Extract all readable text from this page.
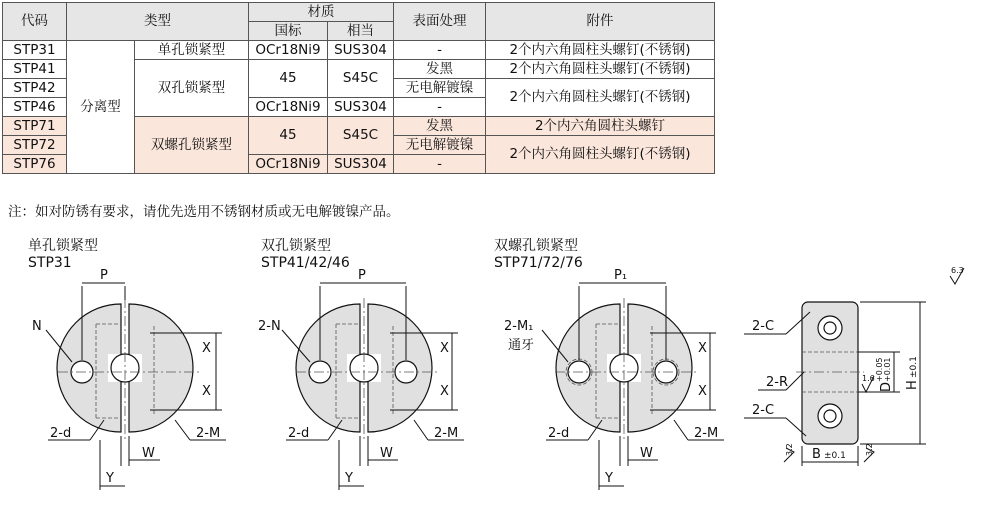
代码	类型		材质		表面处理	附件
			国标	相当		
STP31	分离型	单孔锁紧型	OCr18Ni9	SUS304	-	2个内六角圆柱头螺钉(不锈钢)
STP41		双孔锁紧型	45	S45C	发黑	2个内六角圆柱头螺钉(不锈钢)
STP42					无电解镀镍	2个内六角圆柱头螺钉(不锈钢)
STP46			OCr18Ni9	SUS304	-	
STP71		双螺孔锁紧型	45	S45C	发黑	2个内六角圆柱头螺钉
STP72					无电解镀镍	2个内六角圆柱头螺钉(不锈钢)
STP76			OCr18Ni9	SUS304	-	
注：如对防锈有要求，请优先选用不锈钢材质或无电解镀镍产品。
单孔锁紧型
STP31
双孔锁紧型
STP41/42/46
双螺孔锁紧型
STP71/72/76
P
X
X
N
2-d	2-M
W
Y
P
X
X
2-N
2-d	2-M
W
Y
P₁
X
X
2-M₁
通牙
2-d	2-M
W
Y
H
±0.1
D
+0.05 +0.01
1.6
2-C
2-R
2-C
B ±0.1
3.2	3.2
6.3
